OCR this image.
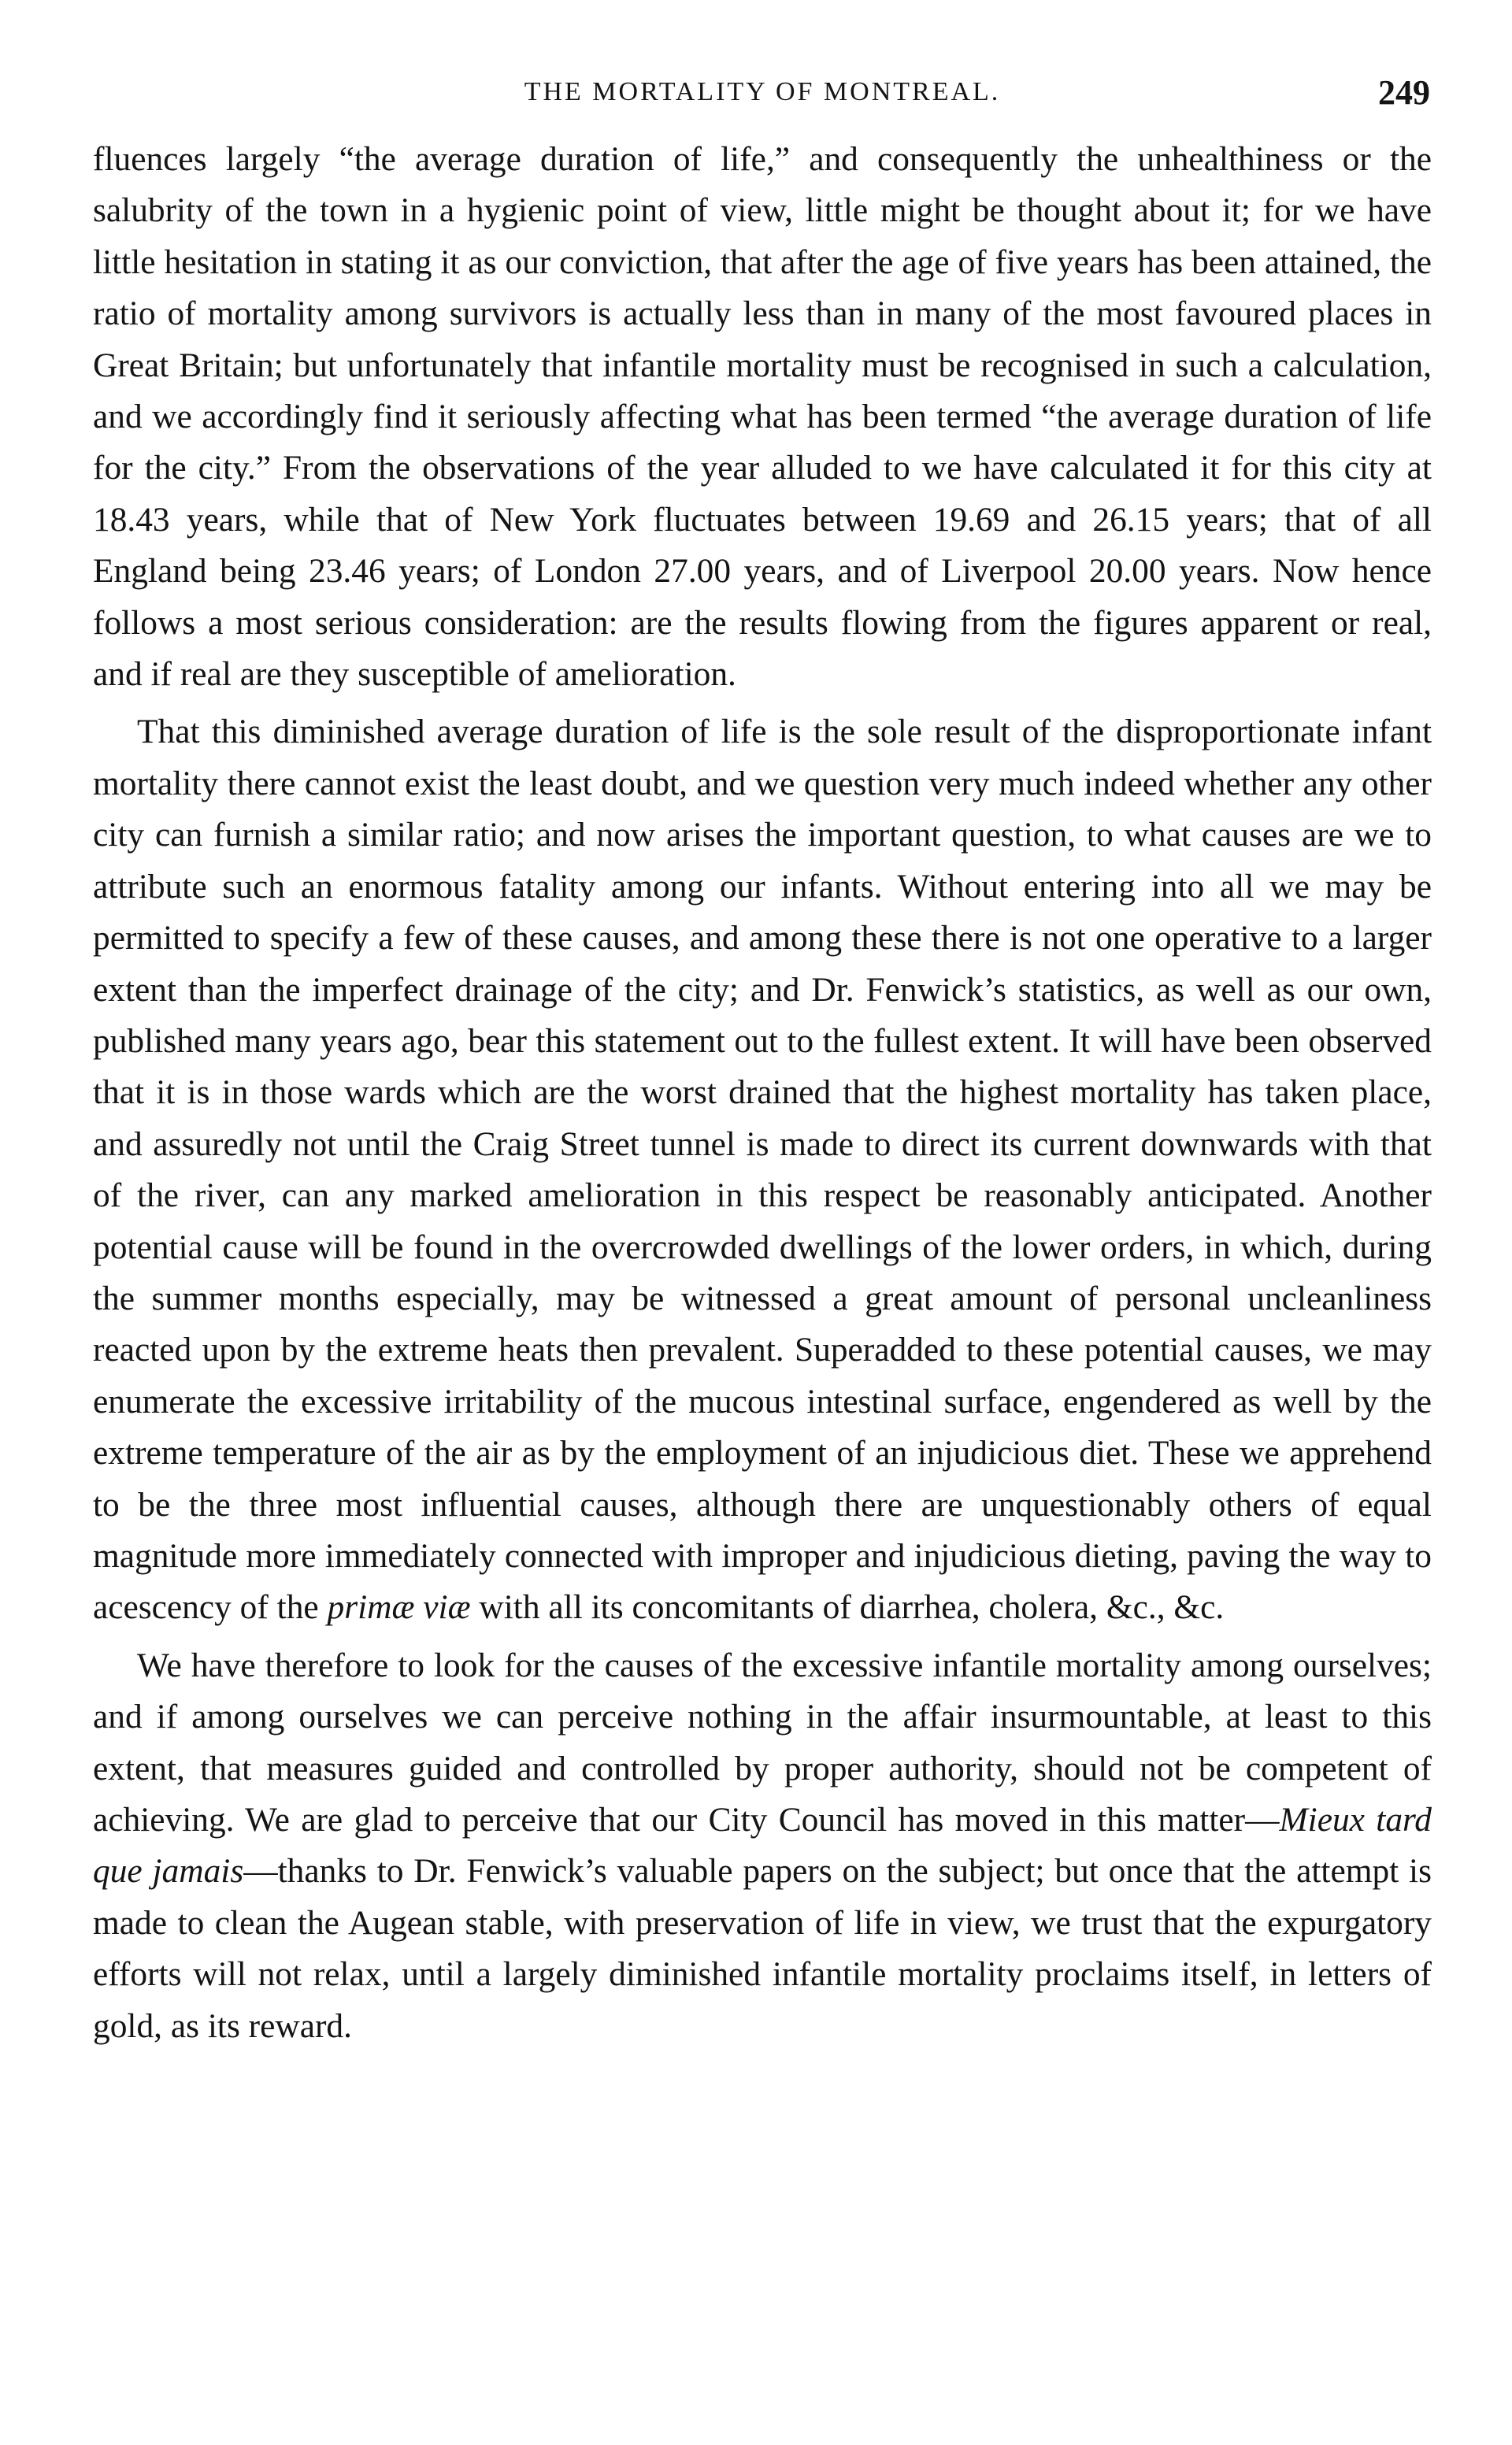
THE MORTALITY OF MONTREAL.	249

fluences largely “the average duration of life,” and consequently the unhealthiness or the salubrity of the town in a hygienic point of view, little might be thought about it; for we have little hesitation in stating it as our conviction, that after the age of five years has been attained, the ratio of mortality among survivors is actually less than in many of the most favoured places in Great Britain; but unfortunately that infantile mortality must be recognised in such a calculation, and we accordingly find it seriously affecting what has been termed “the average duration of life for the city.” From the observations of the year alluded to we have calculated it for this city at 18.43 years, while that of New York fluctuates between 19.69 and 26.15 years; that of all England being 23.46 years; of London 27.00 years, and of Liverpool 20.00 years. Now hence follows a most serious consideration: are the results flowing from the figures apparent or real, and if real are they susceptible of amelioration.

That this diminished average duration of life is the sole result of the disproportionate infant mortality there cannot exist the least doubt, and we question very much indeed whether any other city can furnish a similar ratio; and now arises the important question, to what causes are we to attribute such an enormous fatality among our infants. Without entering into all we may be permitted to specify a few of these causes, and among these there is not one operative to a larger extent than the imperfect drainage of the city; and Dr. Fenwick’s statistics, as well as our own, published many years ago, bear this statement out to the fullest extent. It will have been observed that it is in those wards which are the worst drained that the highest mortality has taken place, and assuredly not until the Craig Street tunnel is made to direct its current downwards with that of the river, can any marked amelioration in this respect be reasonably anticipated. Another potential cause will be found in the overcrowded dwellings of the lower orders, in which, during the summer months especially, may be witnessed a great amount of personal uncleanliness reacted upon by the extreme heats then prevalent. Superadded to these potential causes, we may enumerate the excessive irritability of the mucous intestinal surface, engendered as well by the extreme temperature of the air as by the employment of an injudicious diet. These we apprehend to be the three most influential causes, although there are unquestionably others of equal magnitude more immediately connected with improper and injudicious dieting, paving the way to acescency of the primæ viæ with all its concomitants of diarrhea, cholera, &c., &c.

We have therefore to look for the causes of the excessive infantile mortality among ourselves; and if among ourselves we can perceive nothing in the affair insurmountable, at least to this extent, that measures guided and controlled by proper authority, should not be competent of achieving. We are glad to perceive that our City Council has moved in this matter—Mieux tard que jamais—thanks to Dr. Fenwick’s valuable papers on the subject; but once that the attempt is made to clean the Augean stable, with preservation of life in view, we trust that the expurgatory efforts will not relax, until a largely diminished infantile mortality proclaims itself, in letters of gold, as its reward.
